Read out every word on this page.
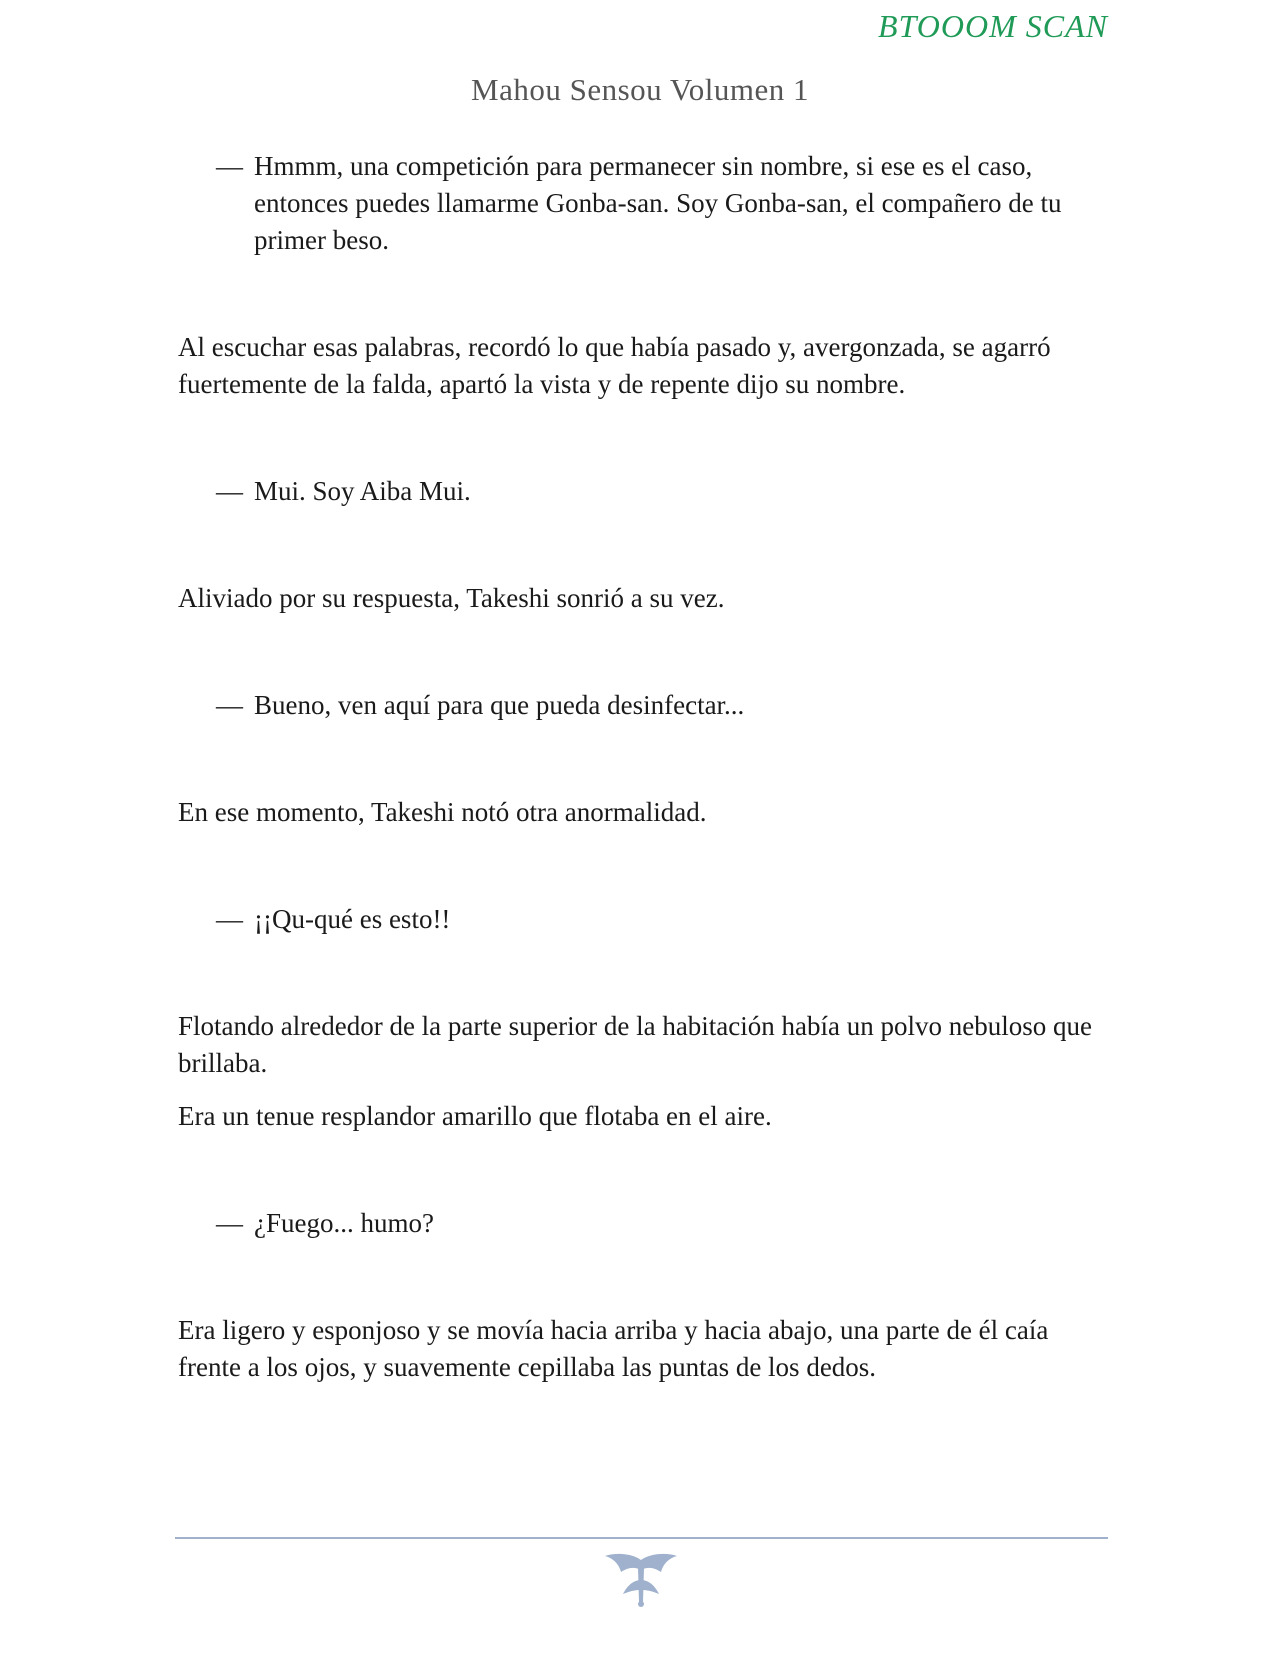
BTOOOM SCAN
Mahou Sensou Volumen 1
— Hmmm, una competición para permanecer sin nombre, si ese es el caso, entonces puedes llamarme Gonba-san. Soy Gonba-san, el compañero de tu primer beso.
Al escuchar esas palabras, recordó lo que había pasado y, avergonzada, se agarró fuertemente de la falda, apartó la vista y de repente dijo su nombre.
— Mui. Soy Aiba Mui.
Aliviado por su respuesta, Takeshi sonrió a su vez.
— Bueno, ven aquí para que pueda desinfectar...
En ese momento, Takeshi notó otra anormalidad.
— ¡¡Qu-qué es esto!!
Flotando alrededor de la parte superior de la habitación había un polvo nebuloso que brillaba.
Era un tenue resplandor amarillo que flotaba en el aire.
— ¿Fuego... humo?
Era ligero y esponjoso y se movía hacia arriba y hacia abajo, una parte de él caía frente a los ojos, y suavemente cepillaba las puntas de los dedos.
